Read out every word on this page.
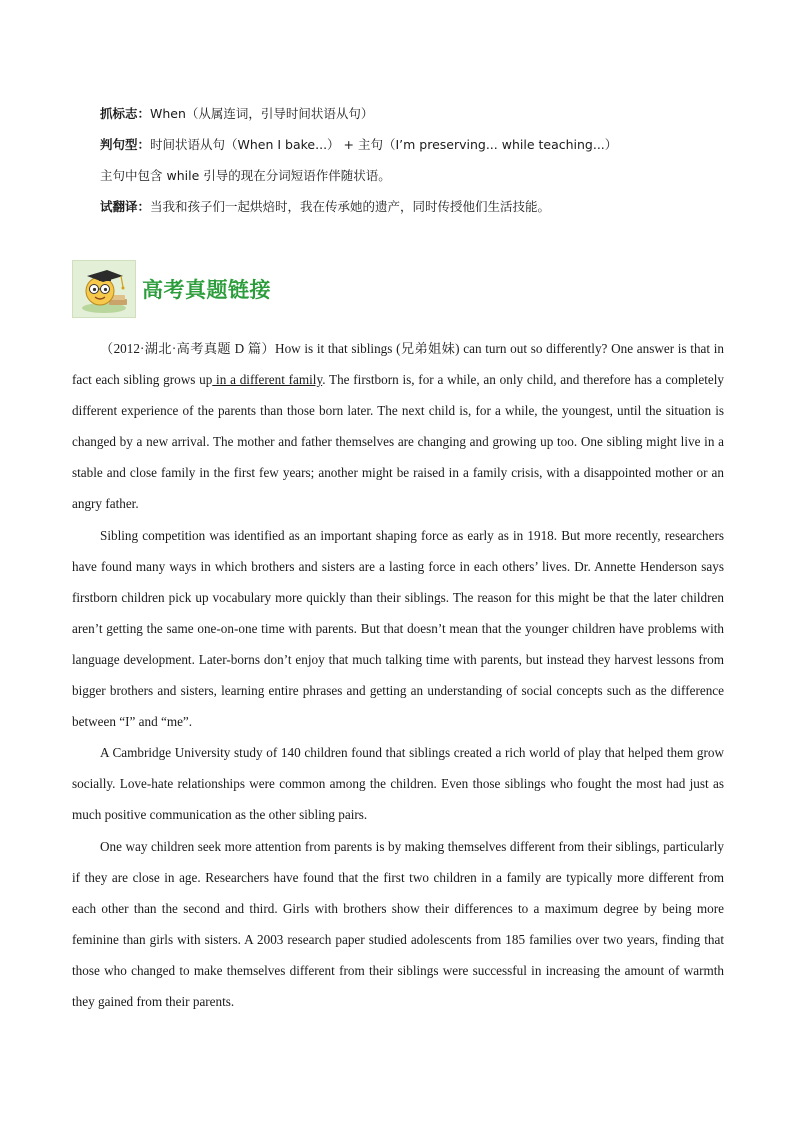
抓标志：When（从属连词，引导时间状语从句）
判句型：时间状语从句（When I bake...） + 主句（I’m preserving... while teaching...）
主句中包含 while 引导的现在分词短语作伴随状语。
试翻译：当我和孩子们一起烘焙时，我在传承她的遗产，同时传授他们生活技能。
高考真题链接

（2012·湖北·高考真题 D 篇）How is it that siblings (兄弟姐妹) can turn out so differently? One answer is that in fact each sibling grows up in a different family. The firstborn is, for a while, an only child, and therefore has a completely different experience of the parents than those born later. The next child is, for a while, the youngest, until the situation is changed by a new arrival. The mother and father themselves are changing and growing up too. One sibling might live in a stable and close family in the first few years; another might be raised in a family crisis, with a disappointed mother or an angry father.

Sibling competition was identified as an important shaping force as early as in 1918. But more recently, researchers have found many ways in which brothers and sisters are a lasting force in each others’ lives. Dr. Annette Henderson says firstborn children pick up vocabulary more quickly than their siblings. The reason for this might be that the later children aren’t getting the same one-on-one time with parents. But that doesn’t mean that the younger children have problems with language development. Later-borns don’t enjoy that much talking time with parents, but instead they harvest lessons from bigger brothers and sisters, learning entire phrases and getting an understanding of social concepts such as the difference between “I” and “me”.

A Cambridge University study of 140 children found that siblings created a rich world of play that helped them grow socially. Love-hate relationships were common among the children. Even those siblings who fought the most had just as much positive communication as the other sibling pairs.

One way children seek more attention from parents is by making themselves different from their siblings, particularly if they are close in age. Researchers have found that the first two children in a family are typically more different from each other than the second and third. Girls with brothers show their differences to a maximum degree by being more feminine than girls with sisters. A 2003 research paper studied adolescents from 185 families over two years, finding that those who changed to make themselves different from their siblings were successful in increasing the amount of warmth they gained from their parents.
